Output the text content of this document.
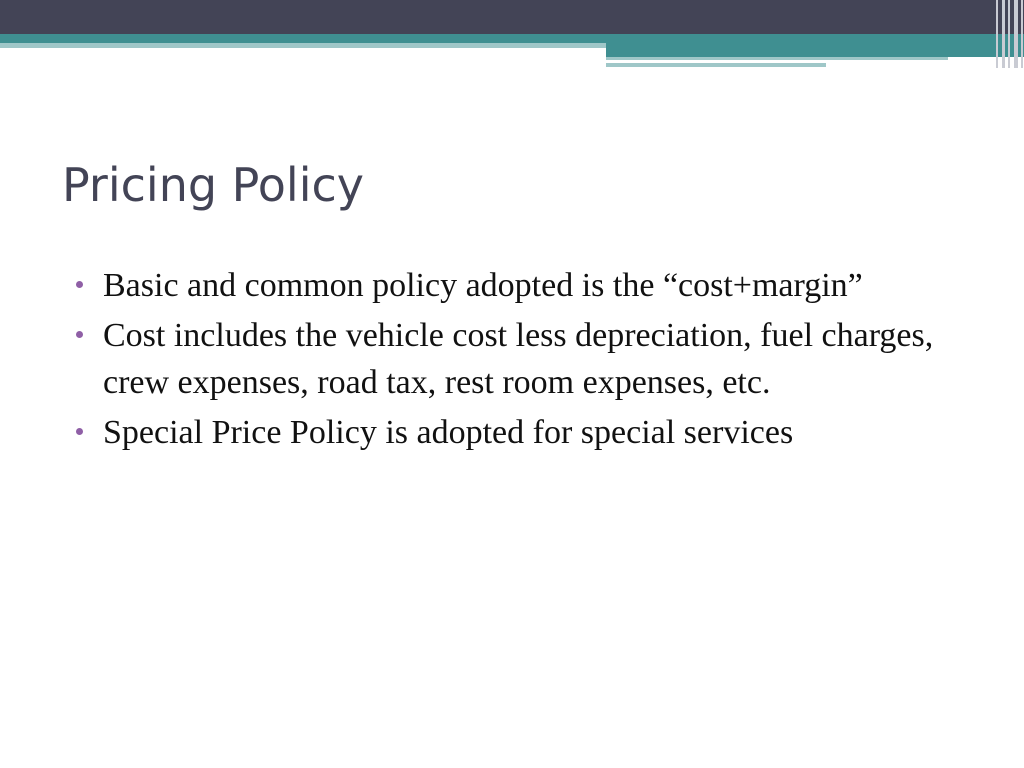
Pricing Policy
Basic and common policy adopted is the “cost+margin”
Cost includes the vehicle cost less depreciation, fuel charges, crew expenses, road tax, rest room expenses, etc.
Special Price Policy is adopted for special services
